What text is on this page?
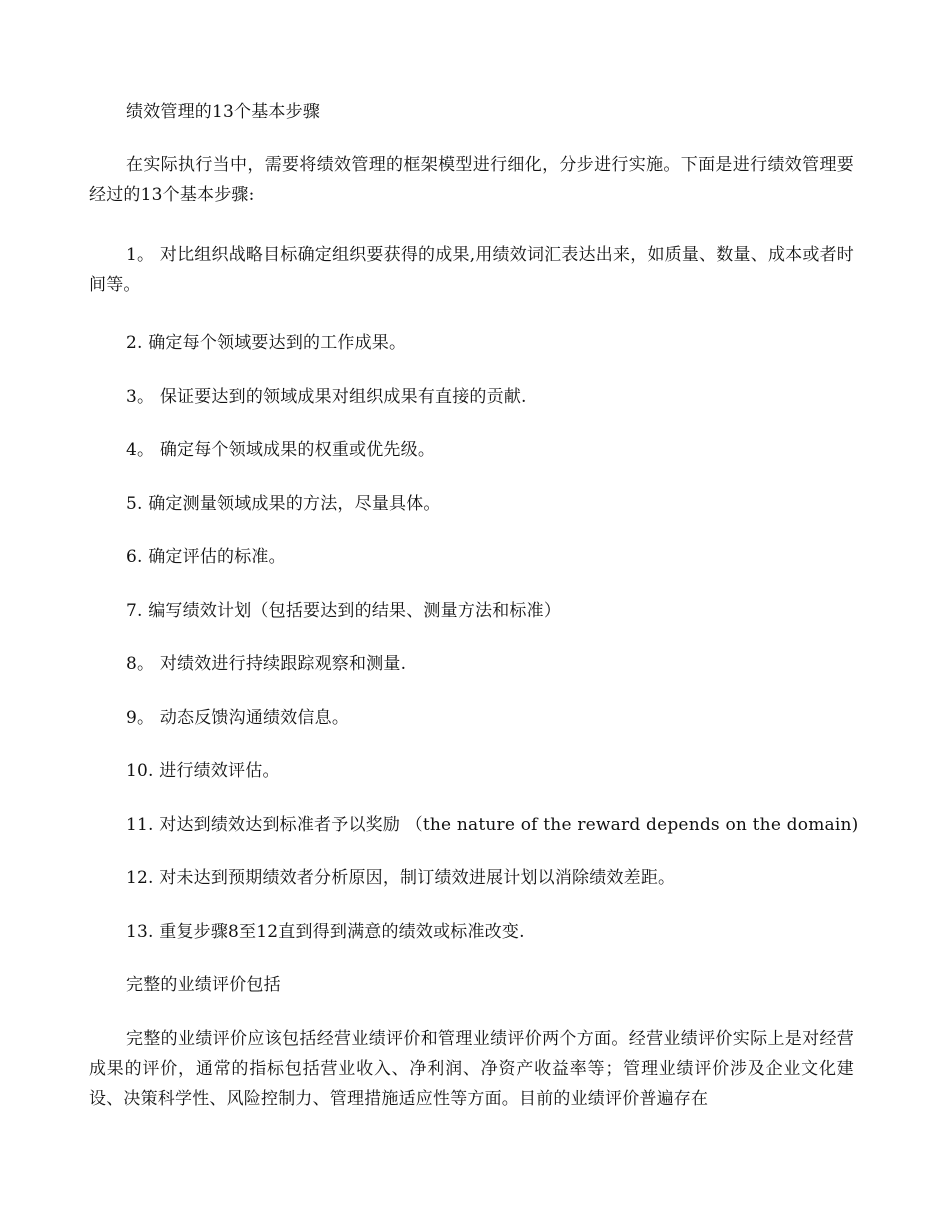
绩效管理的13个基本步骤
在实际执行当中，需要将绩效管理的框架模型进行细化，分步进行实施。下面是进行绩效管理要经过的13个基本步骤:
1。 对比组织战略目标确定组织要获得的成果,用绩效词汇表达出来，如质量、数量、成本或者时间等。
2. 确定每个领域要达到的工作成果。
3。 保证要达到的领域成果对组织成果有直接的贡献.
4。 确定每个领域成果的权重或优先级。
5. 确定测量领域成果的方法，尽量具体。
6. 确定评估的标准。
7. 编写绩效计划（包括要达到的结果、测量方法和标准）
8。 对绩效进行持续跟踪观察和测量.
9。 动态反馈沟通绩效信息。
10. 进行绩效评估。
11. 对达到绩效达到标准者予以奖励 （the nature of the reward depends on the domain)
12. 对未达到预期绩效者分析原因，制订绩效进展计划以消除绩效差距。
13. 重复步骤8至12直到得到满意的绩效或标准改变.
完整的业绩评价包括
完整的业绩评价应该包括经营业绩评价和管理业绩评价两个方面。经营业绩评价实际上是对经营成果的评价，通常的指标包括营业收入、净利润、净资产收益率等；管理业绩评价涉及企业文化建设、决策科学性、风险控制力、管理措施适应性等方面。目前的业绩评价普遍存在
